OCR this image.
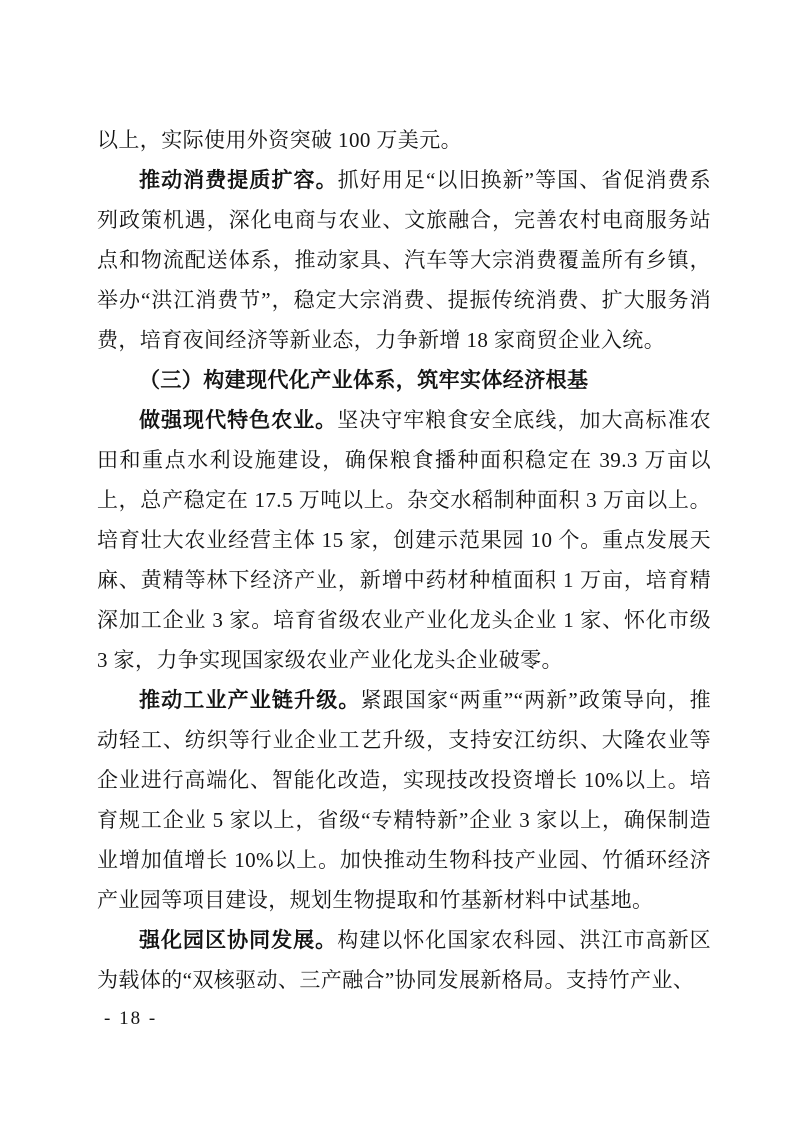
以上，实际使用外资突破 100 万美元。

推动消费提质扩容。抓好用足“以旧换新”等国、省促消费系列政策机遇，深化电商与农业、文旅融合，完善农村电商服务站点和物流配送体系，推动家具、汽车等大宗消费覆盖所有乡镇，举办“洪江消费节”，稳定大宗消费、提振传统消费、扩大服务消费，培育夜间经济等新业态，力争新增 18 家商贸企业入统。

（三）构建现代化产业体系，筑牢实体经济根基

做强现代特色农业。坚决守牢粮食安全底线，加大高标准农田和重点水利设施建设，确保粮食播种面积稳定在 39.3 万亩以上，总产稳定在 17.5 万吨以上。杂交水稻制种面积 3 万亩以上。培育壮大农业经营主体 15 家，创建示范果园 10 个。重点发展天麻、黄精等林下经济产业，新增中药材种植面积 1 万亩，培育精深加工企业 3 家。培育省级农业产业化龙头企业 1 家、怀化市级 3 家，力争实现国家级农业产业化龙头企业破零。

推动工业产业链升级。紧跟国家“两重”“两新”政策导向，推动轻工、纺织等行业企业工艺升级，支持安江纺织、大隆农业等企业进行高端化、智能化改造，实现技改投资增长 10%以上。培育规工企业 5 家以上，省级“专精特新”企业 3 家以上，确保制造业增加值增长 10%以上。加快推动生物科技产业园、竹循环经济产业园等项目建设，规划生物提取和竹基新材料中试基地。

强化园区协同发展。构建以怀化国家农科园、洪江市高新区为载体的“双核驱动、三产融合”协同发展新格局。支持竹产业、

- 18 -
